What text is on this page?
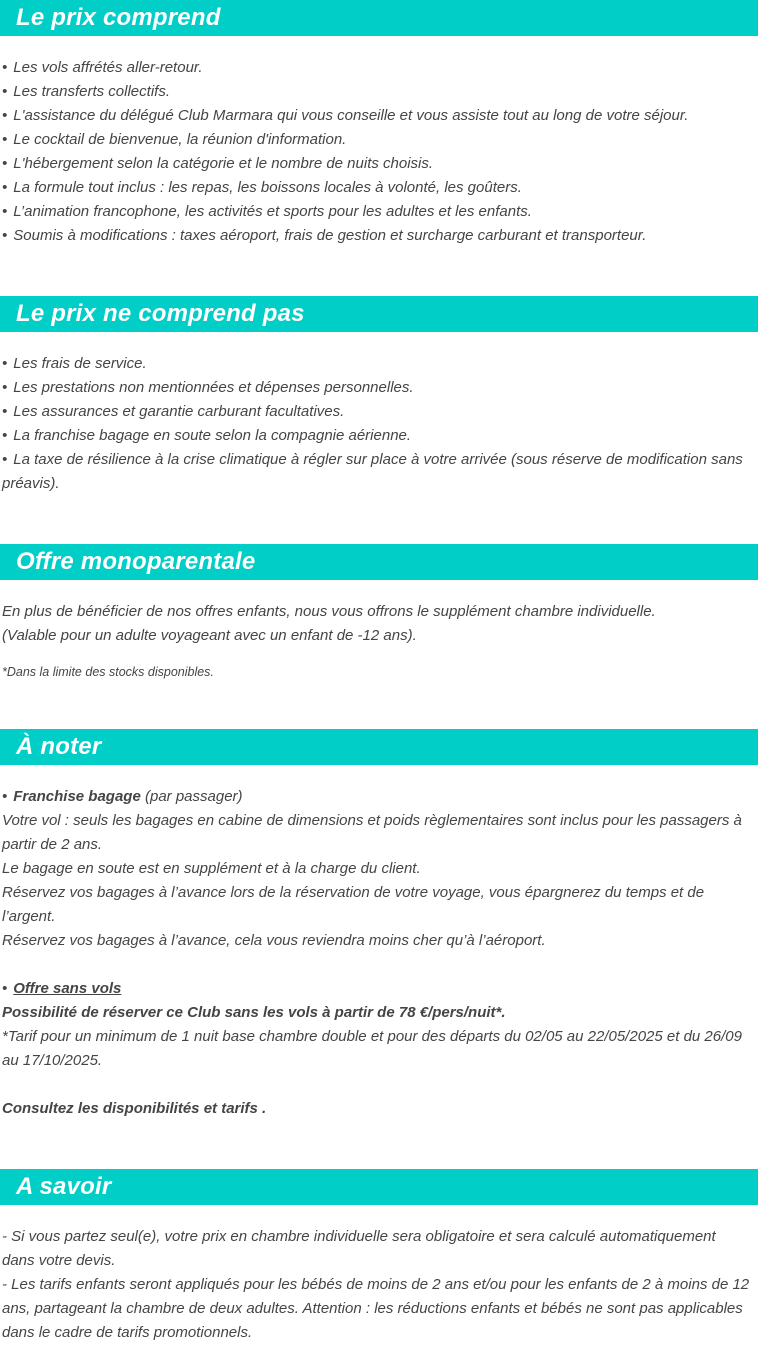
Le prix comprend
• Les vols affrétés aller-retour.
• Les transferts collectifs.
• L'assistance du délégué Club Marmara qui vous conseille et vous assiste tout au long de votre séjour.
• Le cocktail de bienvenue, la réunion d'information.
• L'hébergement selon la catégorie et le nombre de nuits choisis.
• La formule tout inclus : les repas, les boissons locales à volonté, les goûters.
• L’animation francophone, les activités et sports pour les adultes et les enfants.
• Soumis à modifications : taxes aéroport, frais de gestion et surcharge carburant et transporteur.
Le prix ne comprend pas
• Les frais de service.
• Les prestations non mentionnées et dépenses personnelles.
• Les assurances et garantie carburant facultatives.
• La franchise bagage en soute selon la compagnie aérienne.
• La taxe de résilience à la crise climatique à régler sur place à votre arrivée (sous réserve de modification sans préavis).
Offre monoparentale

En plus de bénéficier de nos offres enfants, nous vous offrons le supplément chambre individuelle.

(Valable pour un adulte voyageant avec un enfant de -12 ans).

*Dans la limite des stocks disponibles.

À noter

• Franchise bagage (par passager)

Votre vol : seuls les bagages en cabine de dimensions et poids règlementaires sont inclus pour les passagers à partir de 2 ans.

Le bagage en soute est en supplément et à la charge du client.

Réservez vos bagages à l’avance lors de la réservation de votre voyage, vous épargnerez du temps et de l’argent.

Réservez vos bagages à l’avance, cela vous reviendra moins cher qu’à l’aéroport.

• Offre sans vols

Possibilité de réserver ce Club sans les vols à partir de 78 €/pers/nuit*.

*Tarif pour un minimum de 1 nuit base chambre double et pour des départs du 02/05 au 22/05/2025 et du 26/09 au 17/10/2025.

Consultez les disponibilités et tarifs .

A savoir

- Si vous partez seul(e), votre prix en chambre individuelle sera obligatoire et sera calculé automatiquement dans votre devis.

- Les tarifs enfants seront appliqués pour les bébés de moins de 2 ans et/ou pour les enfants de 2 à moins de 12 ans, partageant la chambre de deux adultes. Attention : les réductions enfants et bébés ne sont pas applicables dans le cadre de tarifs promotionnels.
